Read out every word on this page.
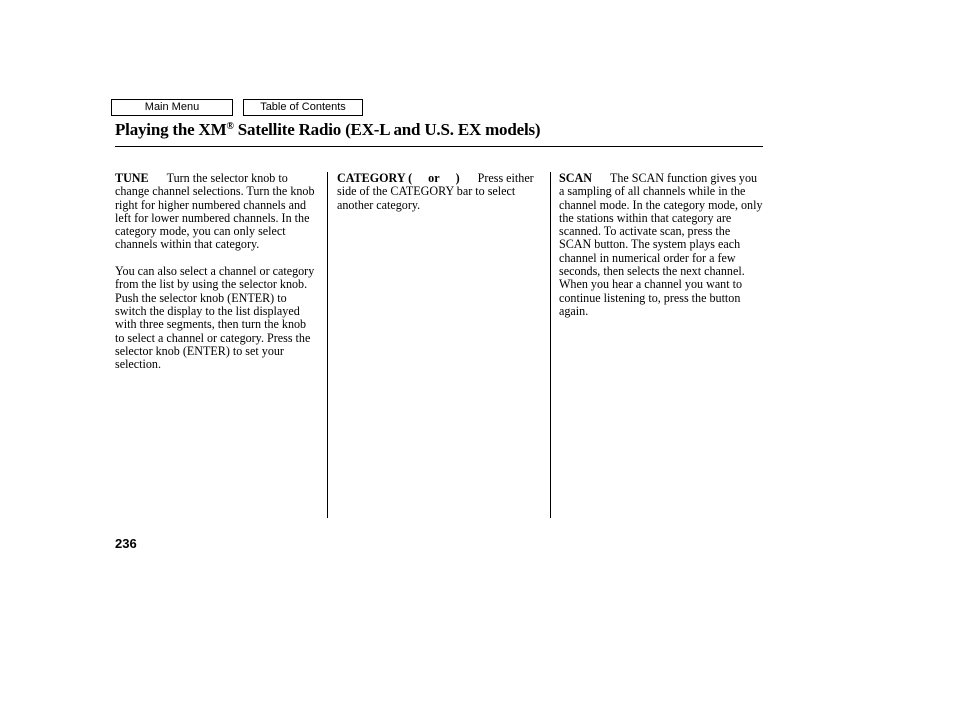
Main Menu	Table of Contents
Playing the XM® Satellite Radio (EX-L and U.S. EX models)

TUNE Turn the selector knob to change channel selections. Turn the knob right for higher numbered channels and left for lower numbered channels. In the category mode, you can only select channels within that category.

You can also select a channel or category from the list by using the selector knob. Push the selector knob (ENTER) to switch the display to the list displayed with three segments, then turn the knob to select a channel or category. Press the selector knob (ENTER) to set your selection.

CATEGORY ( or ) Press either side of the CATEGORY bar to select another category.

SCAN The SCAN function gives you a sampling of all channels while in the channel mode. In the category mode, only the stations within that category are scanned. To activate scan, press the SCAN button. The system plays each channel in numerical order for a few seconds, then selects the next channel. When you hear a channel you want to continue listening to, press the button again.

236
